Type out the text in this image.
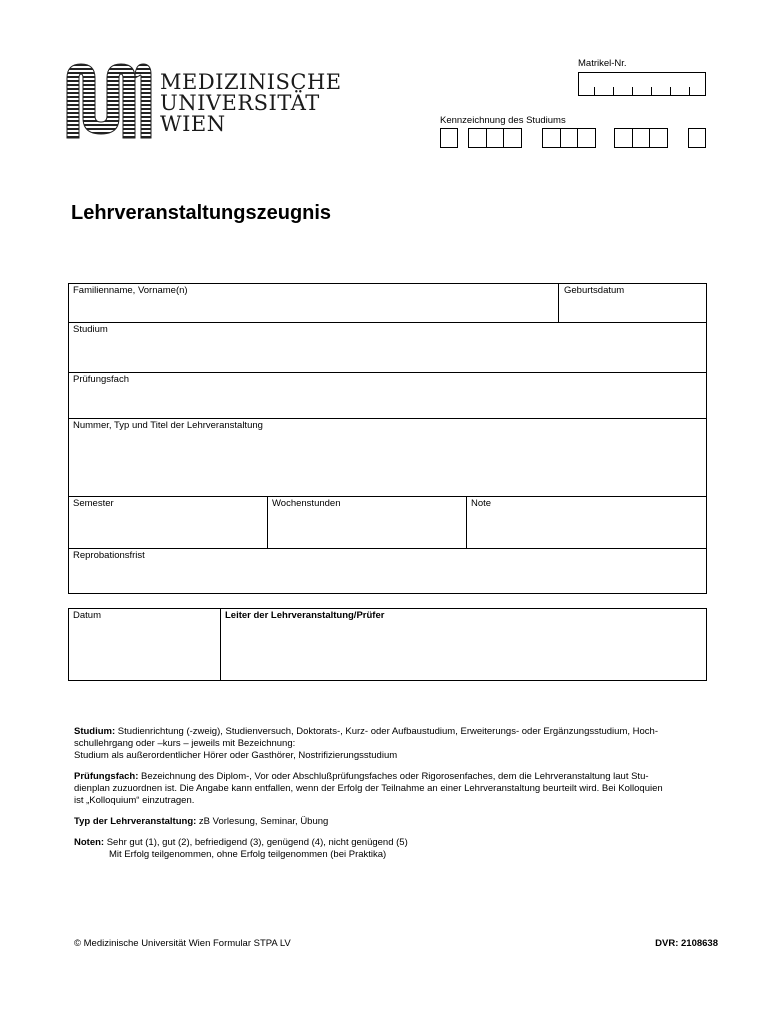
MEDIZINISCHE
UNIVERSITÄT
WIEN
Matrikel-Nr.
Kennzeichnung des Studiums
Lehrveranstaltungszeugnis
Familienname, Vorname(n)	Geburtsdatum
Studium
Prüfungsfach
Nummer, Typ und Titel der Lehrveranstaltung
Semester	Wochenstunden	Note
Reprobationsfrist
Datum	Leiter der Lehrveranstaltung/Prüfer

Studium: Studienrichtung (-zweig), Studienversuch, Doktorats-, Kurz- oder Aufbaustudium, Erweiterungs- oder Ergänzungsstudium, Hoch-
schullehrgang oder –kurs – jeweils mit Bezeichnung:
Studium als außerordentlicher Hörer oder Gasthörer, Nostrifizierungsstudium

Prüfungsfach: Bezeichnung des Diplom-, Vor oder Abschlußprüfungsfaches oder Rigorosenfaches, dem die Lehrveranstaltung laut Stu-
dienplan zuzuordnen ist. Die Angabe kann entfallen, wenn der Erfolg der Teilnahme an einer Lehrveranstaltung beurteilt wird. Bei Kolloquien
ist „Kolloquium“ einzutragen.

Typ der Lehrveranstaltung: zB Vorlesung, Seminar, Übung

Noten: Sehr gut (1), gut (2), befriedigend (3), genügend (4), nicht genügend (5)
Mit Erfolg teilgenommen, ohne Erfolg teilgenommen (bei Praktika)

© Medizinische Universität Wien Formular STPA LV	DVR: 2108638
